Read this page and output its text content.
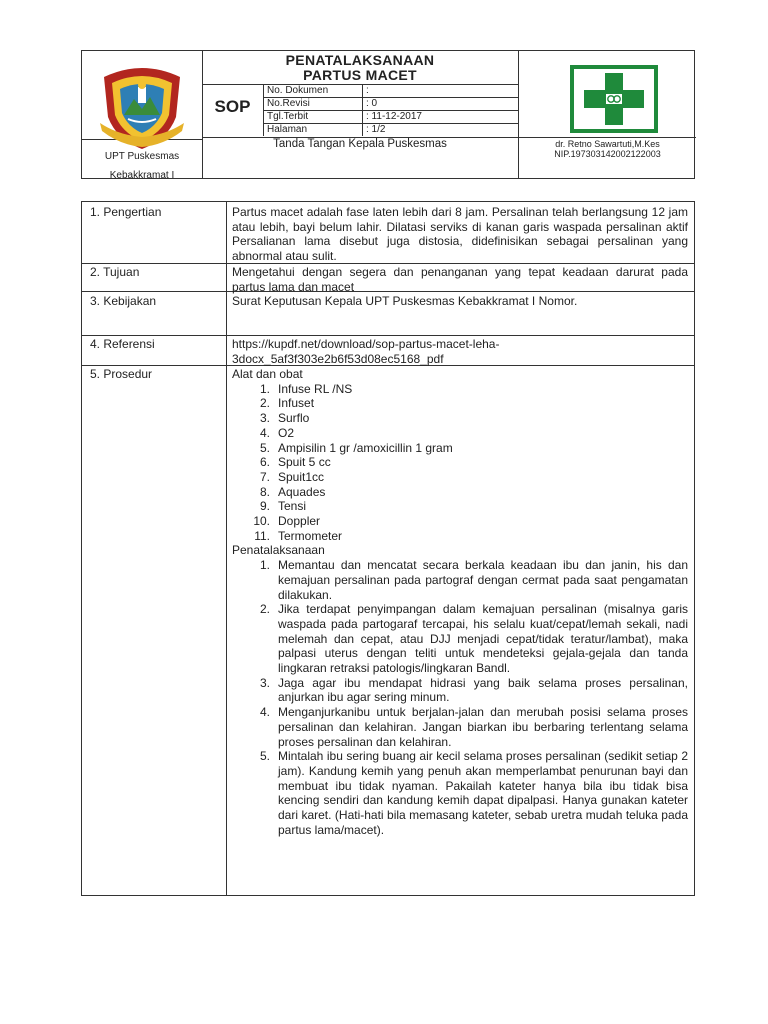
UPT Puskesmas
Kebakkramat I
PENATALAKSANAAN
PARTUS MACET
SOP
No. Dokumen	:
No.Revisi	: 0
Tgl.Terbit	: 11-12-2017
Halaman	: 1/2
Tanda Tangan Kepala Puskesmas	dr. Retno Sawartuti,M.Kes
NIP.197303142002122003
1. Pengertian	Partus macet adalah fase laten lebih dari 8 jam. Persalinan telah berlangsung 12 jam atau lebih, bayi belum lahir. Dilatasi serviks di kanan garis waspada persalinan aktif Persalianan lama disebut juga distosia, didefinisikan sebagai persalinan yang abnormal atau sulit.
2. Tujuan	Mengetahui dengan segera dan penanganan yang tepat keadaan darurat pada partus lama dan macet
3. Kebijakan	Surat Keputusan Kepala UPT Puskesmas Kebakkramat I Nomor.
4. Referensi	https://kupdf.net/download/sop-partus-macet-leha-
3docx_5af3f303e2b6f53d08ec5168_pdf
5. Prosedur	Alat dan obat
1. Infuse RL /NS
2. Infuset
3. Surflo
4. O2
5. Ampisilin 1 gr /amoxicillin 1 gram
6. Spuit 5 cc
7. Spuit1cc
8. Aquades
9. Tensi
10. Doppler
11. Termometer
Penatalaksanaan
1. Memantau dan mencatat secara berkala keadaan ibu dan janin, his dan kemajuan persalinan pada partograf dengan cermat pada saat pengamatan dilakukan.
2. Jika terdapat penyimpangan dalam kemajuan persalinan (misalnya garis waspada pada partogaraf tercapai, his selalu kuat/cepat/lemah sekali, nadi melemah dan cepat, atau DJJ menjadi cepat/tidak teratur/lambat), maka palpasi uterus dengan teliti untuk mendeteksi gejala-gejala dan tanda lingkaran retraksi patologis/lingkaran Bandl.
3. Jaga agar ibu mendapat hidrasi yang baik selama proses persalinan, anjurkan ibu agar sering minum.
4. Menganjurkanibu untuk berjalan-jalan dan merubah posisi selama proses persalinan dan kelahiran. Jangan biarkan ibu berbaring terlentang selama proses persalinan dan kelahiran.
5. Mintalah ibu sering buang air kecil selama proses persalinan (sedikit setiap 2 jam). Kandung kemih yang penuh akan memperlambat penurunan bayi dan membuat ibu tidak nyaman. Pakailah kateter hanya bila ibu tidak bisa kencing sendiri dan kandung kemih dapat dipalpasi. Hanya gunakan kateter dari karet. (Hati-hati bila memasang kateter, sebab uretra mudah teluka pada partus lama/macet).
